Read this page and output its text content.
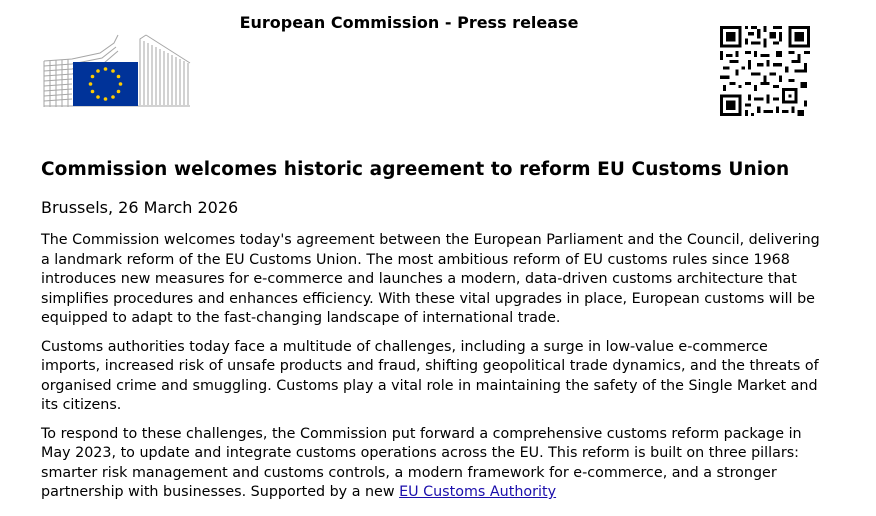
European Commission - Press release
Commission welcomes historic agreement to reform EU Customs Union
Brussels, 26 March 2026

The Commission welcomes today's agreement between the European Parliament and the Council, delivering a landmark reform of the EU Customs Union. The most ambitious reform of EU customs rules since 1968 introduces new measures for e-commerce and launches a modern, data-driven customs architecture that simplifies procedures and enhances efficiency. With these vital upgrades in place, European customs will be equipped to adapt to the fast-changing landscape of international trade.

Customs authorities today face a multitude of challenges, including a surge in low-value e-commerce imports, increased risk of unsafe products and fraud, shifting geopolitical trade dynamics, and the threats of organised crime and smuggling. Customs play a vital role in maintaining the safety of the Single Market and its citizens.

To respond to these challenges, the Commission put forward a comprehensive customs reform package in May 2023, to update and integrate customs operations across the EU. This reform is built on three pillars: smarter risk management and customs controls, a modern framework for e-commerce, and a stronger partnership with businesses. Supported by a new EU Customs Authority
